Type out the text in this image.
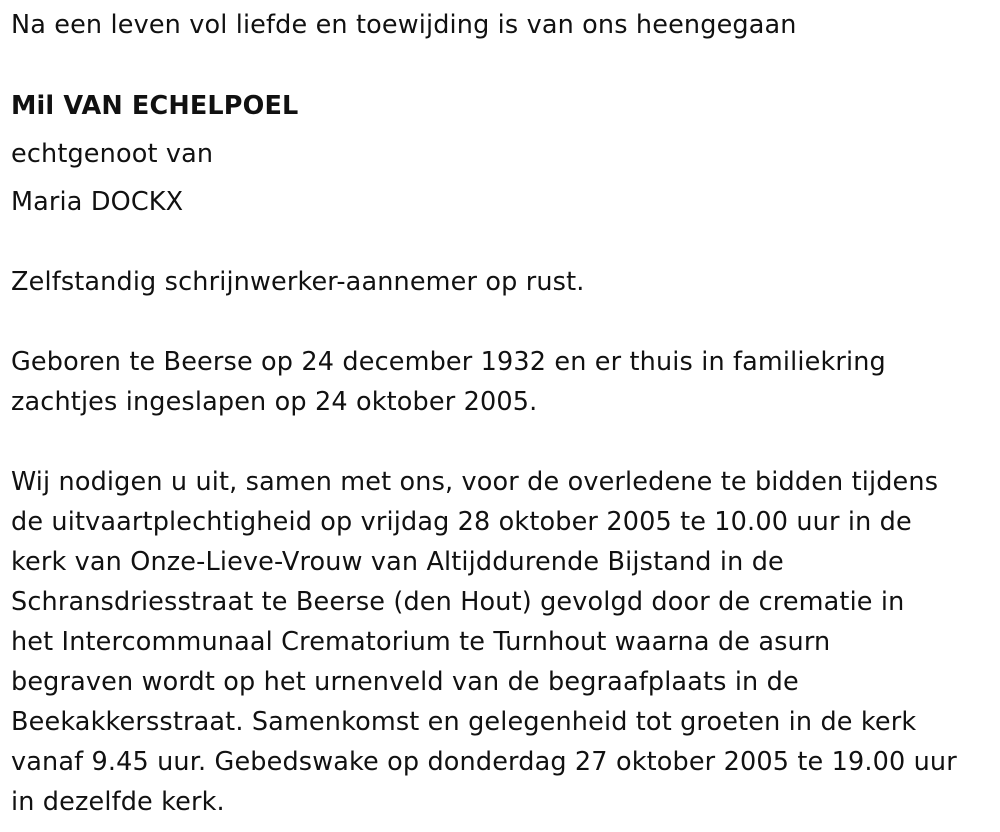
Na een leven vol liefde en toewijding is van ons heengegaan
Mil VAN ECHELPOEL
echtgenoot van
Maria DOCKX
Zelfstandig schrijnwerker-aannemer op rust.
Geboren te Beerse op 24 december 1932 en er thuis in familiekring
zachtjes ingeslapen op 24 oktober 2005.
Wij nodigen u uit, samen met ons, voor de overledene te bidden tijdens
de uitvaartplechtigheid op vrijdag 28 oktober 2005 te 10.00 uur in de
kerk van Onze-Lieve-Vrouw van Altijddurende Bijstand in de
Schransdriesstraat te Beerse (den Hout) gevolgd door de crematie in
het Intercommunaal Crematorium te Turnhout waarna de asurn
begraven wordt op het urnenveld van de begraafplaats in de
Beekakkersstraat. Samenkomst en gelegenheid tot groeten in de kerk
vanaf 9.45 uur. Gebedswake op donderdag 27 oktober 2005 te 19.00 uur
in dezelfde kerk.
